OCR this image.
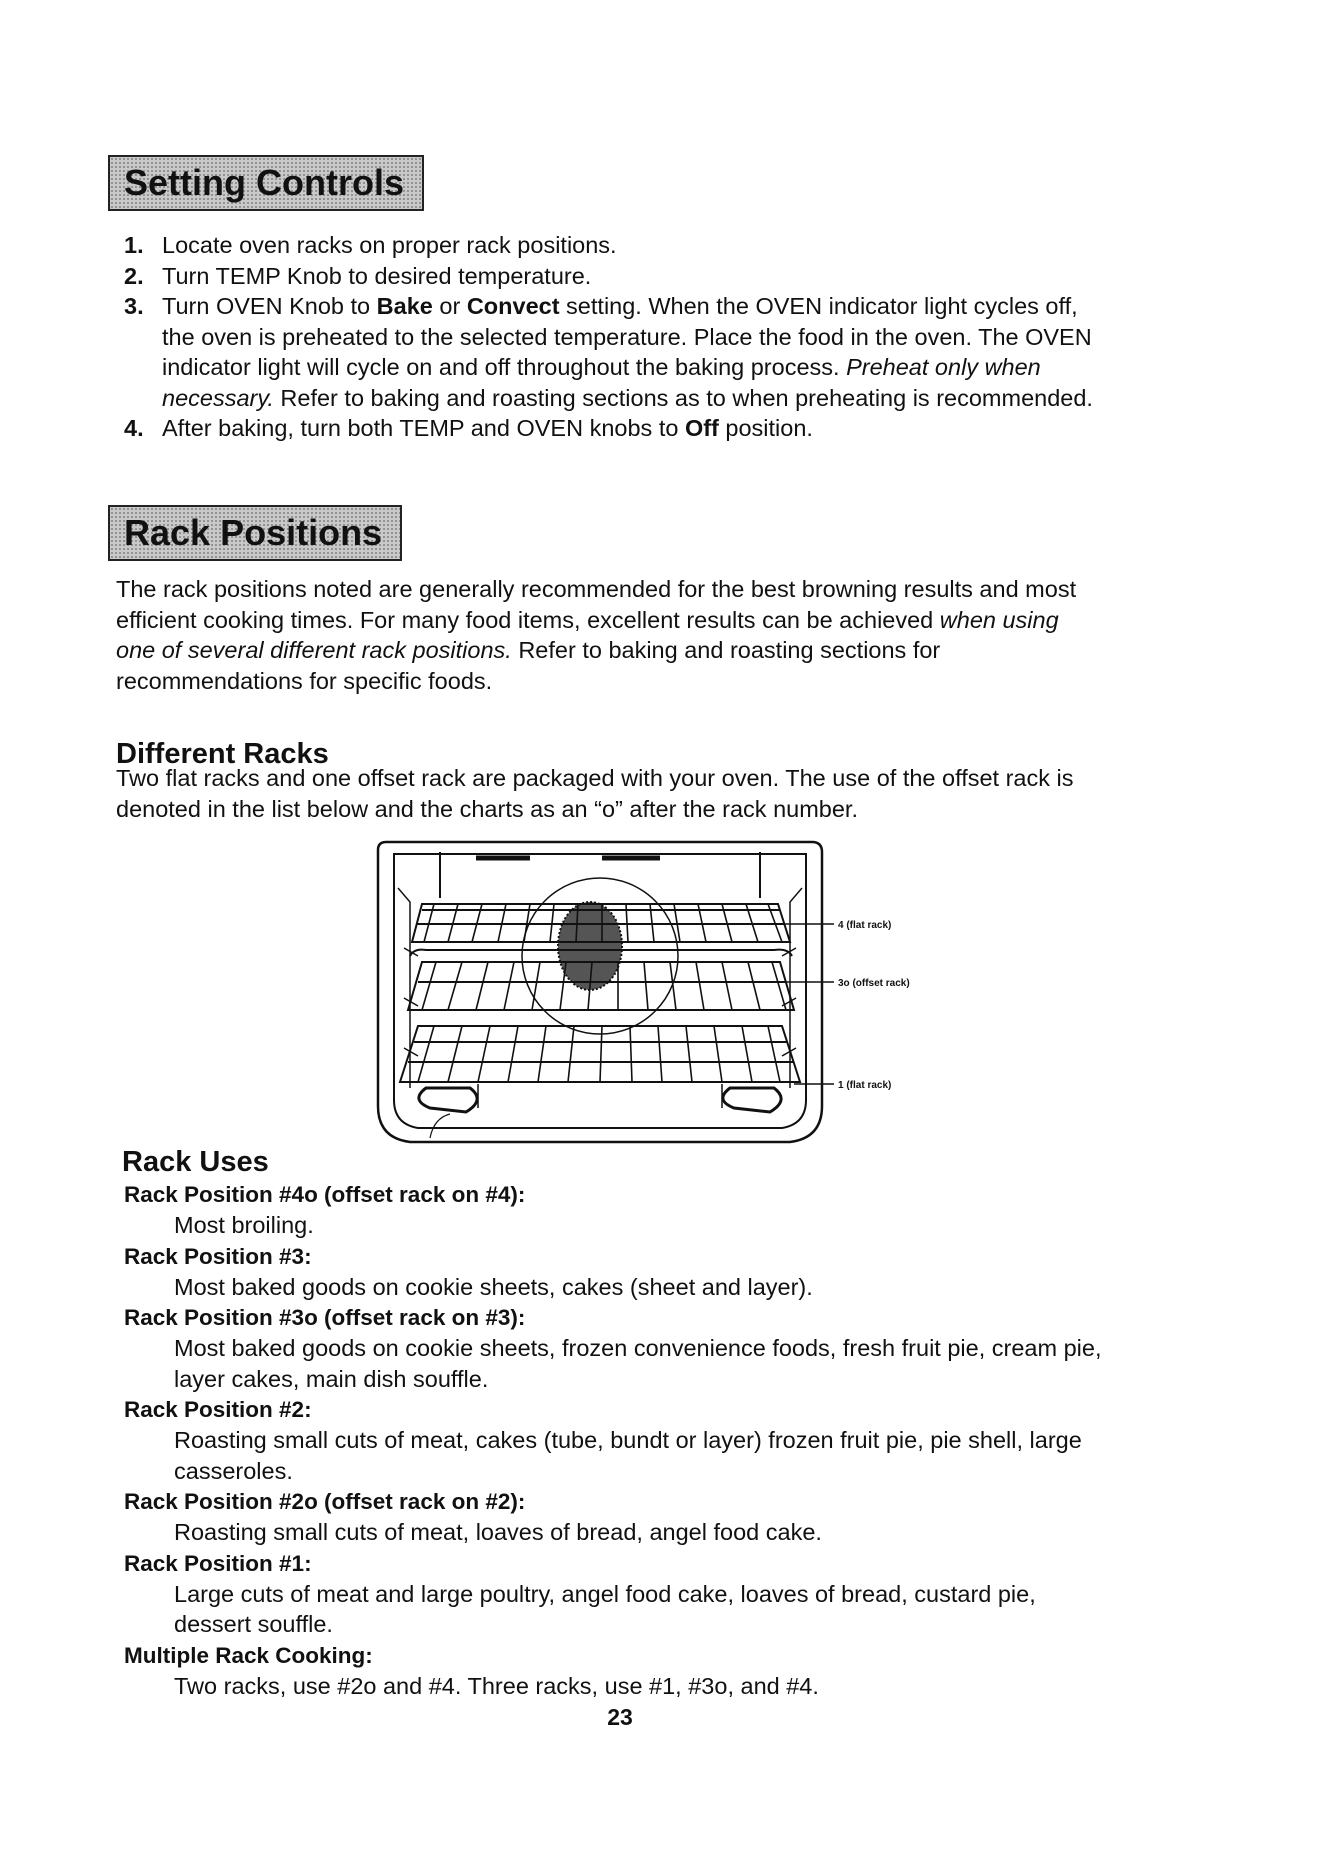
Setting Controls
1. Locate oven racks on proper rack positions.
2. Turn TEMP Knob to desired temperature.
3. Turn OVEN Knob to Bake or Convect setting. When the OVEN indicator light cycles off, the oven is preheated to the selected temperature. Place the food in the oven. The OVEN indicator light will cycle on and off throughout the baking process. Preheat only when necessary. Refer to baking and roasting sections as to when preheating is recommended.
4. After baking, turn both TEMP and OVEN knobs to Off position.
Rack Positions

The rack positions noted are generally recommended for the best browning results and most efficient cooking times. For many food items, excellent results can be achieved when using one of several different rack positions. Refer to baking and roasting sections for recommendations for specific foods.

Different Racks

Two flat racks and one offset rack are packaged with your oven. The use of the offset rack is denoted in the list below and the charts as an “o” after the rack number.

4 (flat rack)
3o (offset rack)
1 (flat rack)
Rack Uses
Rack Position #4o (offset rack on #4):
Most broiling.
Rack Position #3:
Most baked goods on cookie sheets, cakes (sheet and layer).
Rack Position #3o (offset rack on #3):
Most baked goods on cookie sheets, frozen convenience foods, fresh fruit pie, cream pie, layer cakes, main dish souffle.
Rack Position #2:
Roasting small cuts of meat, cakes (tube, bundt or layer) frozen fruit pie, pie shell, large casseroles.
Rack Position #2o (offset rack on #2):
Roasting small cuts of meat, loaves of bread, angel food cake.
Rack Position #1:
Large cuts of meat and large poultry, angel food cake, loaves of bread, custard pie, dessert souffle.
Multiple Rack Cooking:
Two racks, use #2o and #4. Three racks, use #1, #3o, and #4.
23
